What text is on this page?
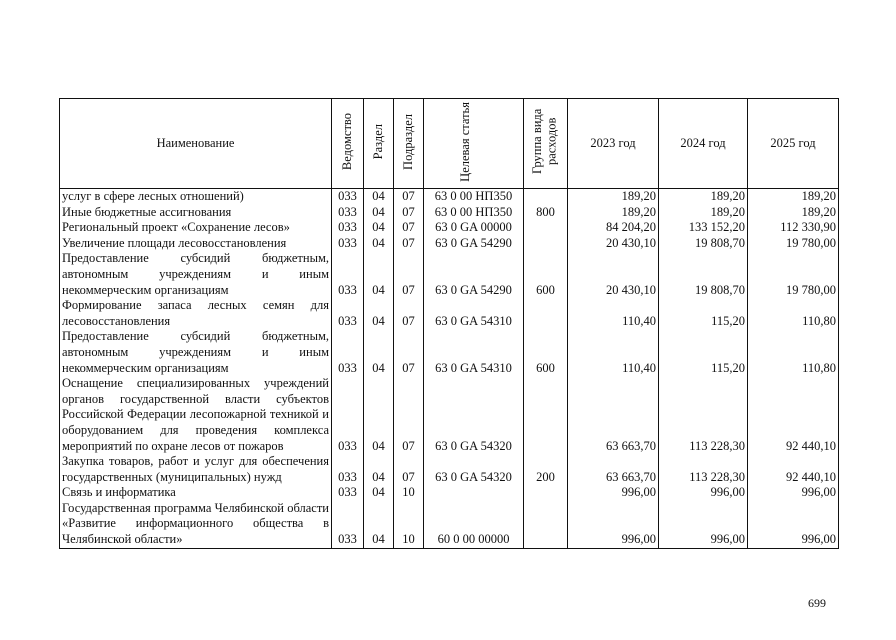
Наименование	Ведомство	Раздел	Подраздел	Целевая статья	Группа вида расходов	2023 год	2024 год	2025 год
услуг в сфере лесных отношений)	033	04	07	63 0 00 НП350		189,20	189,20	189,20
Иные бюджетные ассигнования	033	04	07	63 0 00 НП350	800	189,20	189,20	189,20
Региональный проект «Сохранение лесов»	033	04	07	63 0 GA 00000		84 204,20	133 152,20	112 330,90
Увеличение площади лесовосстановления	033	04	07	63 0 GA 54290		20 430,10	19 808,70	19 780,00
Предоставление субсидий бюджетным, автономным учреждениям и иным некоммерческим организациям	033	04	07	63 0 GA 54290	600	20 430,10	19 808,70	19 780,00
Формирование запаса лесных семян для лесовосстановления	033	04	07	63 0 GA 54310		110,40	115,20	110,80
Предоставление субсидий бюджетным, автономным учреждениям и иным некоммерческим организациям	033	04	07	63 0 GA 54310	600	110,40	115,20	110,80
Оснащение специализированных учреждений органов государственной власти субъектов Российской Федерации лесопожарной техникой и оборудованием для проведения комплекса мероприятий по охране лесов от пожаров	033	04	07	63 0 GA 54320		63 663,70	113 228,30	92 440,10
Закупка товаров, работ и услуг для обеспечения государственных (муниципальных) нужд	033	04	07	63 0 GA 54320	200	63 663,70	113 228,30	92 440,10
Связь и информатика	033	04	10			996,00	996,00	996,00
Государственная программа Челябинской области «Развитие информационного общества в Челябинской области»	033	04	10	60 0 00 00000		996,00	996,00	996,00
699
